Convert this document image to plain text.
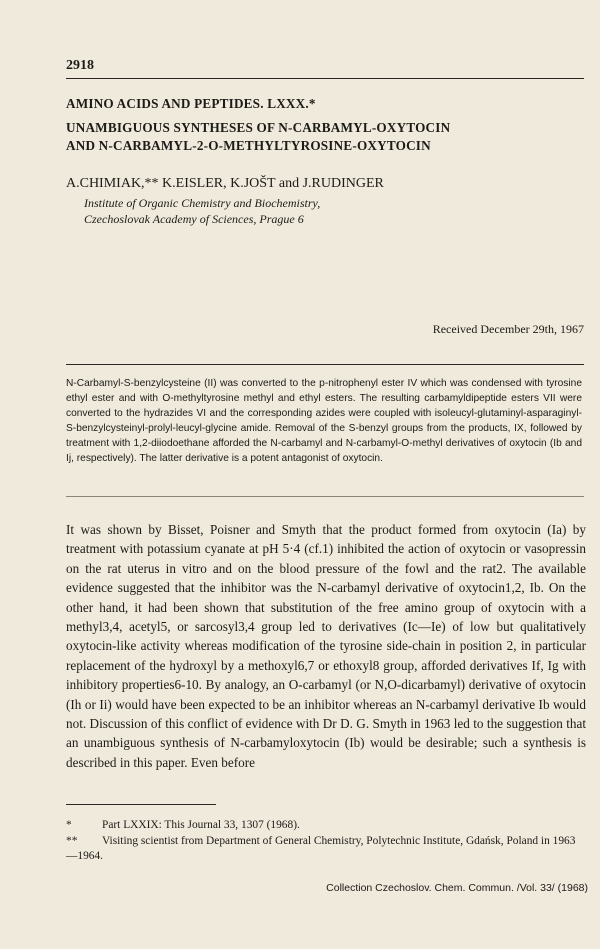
2918
AMINO ACIDS AND PEPTIDES. LXXX.*
UNAMBIGUOUS SYNTHESES OF N-CARBAMYL-OXYTOCIN
AND N-CARBAMYL-2-O-METHYLTYROSINE-OXYTOCIN
A.CHIMIAK,** K.EISLER, K.JOŠT and J.RUDINGER
Institute of Organic Chemistry and Biochemistry,
Czechoslovak Academy of Sciences, Prague 6
Received December 29th, 1967
N-Carbamyl-S-benzylcysteine (II) was converted to the p-nitrophenyl ester IV which was condensed with tyrosine ethyl ester and with O-methyltyrosine methyl and ethyl esters. The resulting carbamyldipeptide esters VII were converted to the hydrazides VI and the corresponding azides were coupled with isoleucyl-glutaminyl-asparaginyl-S-benzylcysteinyl-prolyl-leucyl-glycine amide. Removal of the S-benzyl groups from the products, IX, followed by treatment with 1,2-diiodoethane afforded the N-carbamyl and N-carbamyl-O-methyl derivatives of oxytocin (Ib and Ij, respectively). The latter derivative is a potent antagonist of oxytocin.

It was shown by Bisset, Poisner and Smyth that the product formed from oxytocin (Ia) by treatment with potassium cyanate at pH 5·4 (cf.1) inhibited the action of oxytocin or vasopressin on the rat uterus in vitro and on the blood pressure of the fowl and the rat2. The available evidence suggested that the inhibitor was the N-carbamyl derivative of oxytocin1,2, Ib. On the other hand, it had been shown that substitution of the free amino group of oxytocin with a methyl3,4, acetyl5, or sarcosyl3,4 group led to derivatives (Ic—Ie) of low but qualitatively oxytocin-like activity whereas modification of the tyrosine side-chain in position 2, in particular replacement of the hydroxyl by a methoxyl6,7 or ethoxyl8 group, afforded derivatives If, Ig with inhibitory properties6-10. By analogy, an O-carbamyl (or N,O-dicarbamyl) derivative of oxytocin (Ih or Ii) would have been expected to be an inhibitor whereas an N-carbamyl derivative Ib would not. Discussion of this conflict of evidence with Dr D. G. Smyth in 1963 led to the suggestion that an unambiguous synthesis of N-carbamyloxytocin (Ib) would be desirable; such a synthesis is described in this paper. Even before

*	Part LXXIX: This Journal 33, 1307 (1968).
** Visiting scientist from Department of General Chemistry, Polytechnic Institute, Gdańsk, Poland in 1963—1964.
Collection Czechoslov. Chem. Commun. /Vol. 33/ (1968)
